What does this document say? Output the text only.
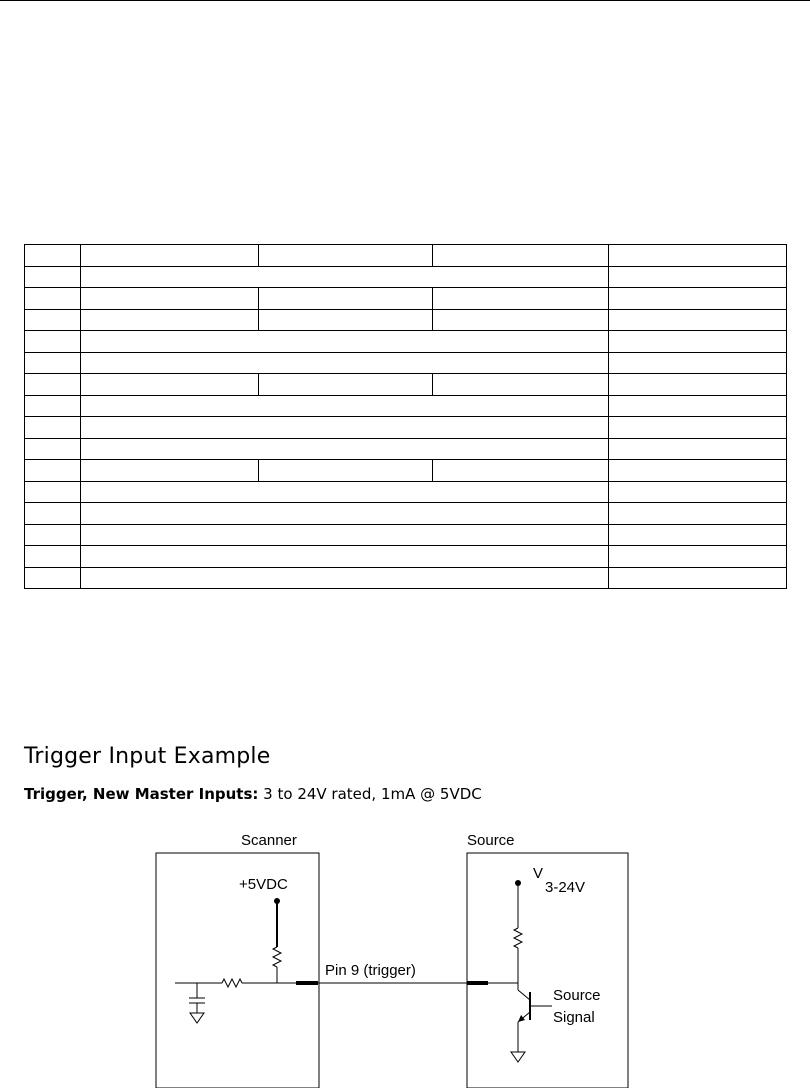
Trigger Input Example

Trigger, New Master Inputs: 3 to 24V rated, 1mA @ 5VDC

Scanner	Source
+5VDC
Pin 9 (trigger)
V
3-24V
Source
Signal
